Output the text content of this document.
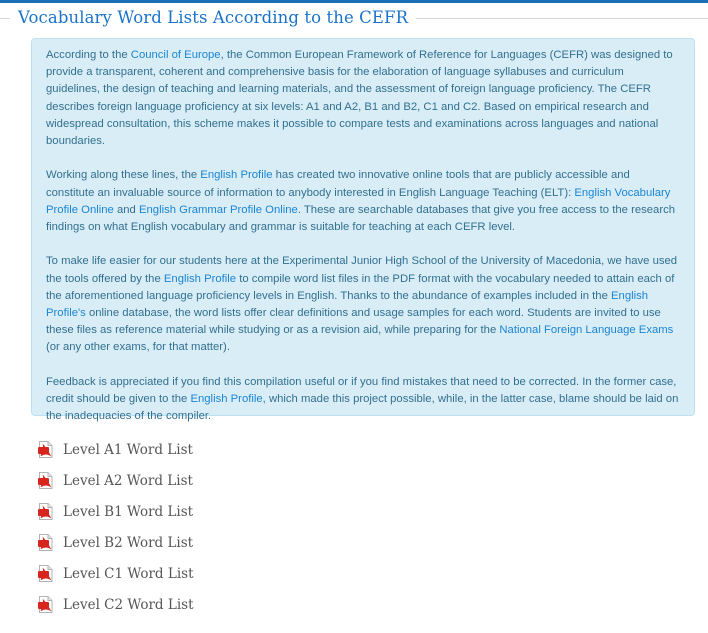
Vocabulary Word Lists According to the CEFR

According to the Council of Europe, the Common European Framework of Reference for Languages (CEFR) was designed to provide a transparent, coherent and comprehensive basis for the elaboration of language syllabuses and curriculum guidelines, the design of teaching and learning materials, and the assessment of foreign language proficiency. The CEFR describes foreign language proficiency at six levels: A1 and A2, B1 and B2, C1 and C2. Based on empirical research and widespread consultation, this scheme makes it possible to compare tests and examinations across languages and national boundaries.

Working along these lines, the English Profile has created two innovative online tools that are publicly accessible and constitute an invaluable source of information to anybody interested in English Language Teaching (ELT): English Vocabulary Profile Online and English Grammar Profile Online. These are searchable databases that give you free access to the research findings on what English vocabulary and grammar is suitable for teaching at each CEFR level.

To make life easier for our students here at the Experimental Junior High School of the University of Macedonia, we have used the tools offered by the English Profile to compile word list files in the PDF format with the vocabulary needed to attain each of the aforementioned language proficiency levels in English. Thanks to the abundance of examples included in the English Profile's online database, the word lists offer clear definitions and usage samples for each word. Students are invited to use these files as reference material while studying or as a revision aid, while preparing for the National Foreign Language Exams (or any other exams, for that matter).

Feedback is appreciated if you find this compilation useful or if you find mistakes that need to be corrected. In the former case, credit should be given to the English Profile, which made this project possible, while, in the latter case, blame should be laid on the inadequacies of the compiler.

Level A1 Word List
Level A2 Word List
Level B1 Word List
Level B2 Word List
Level C1 Word List
Level C2 Word List
